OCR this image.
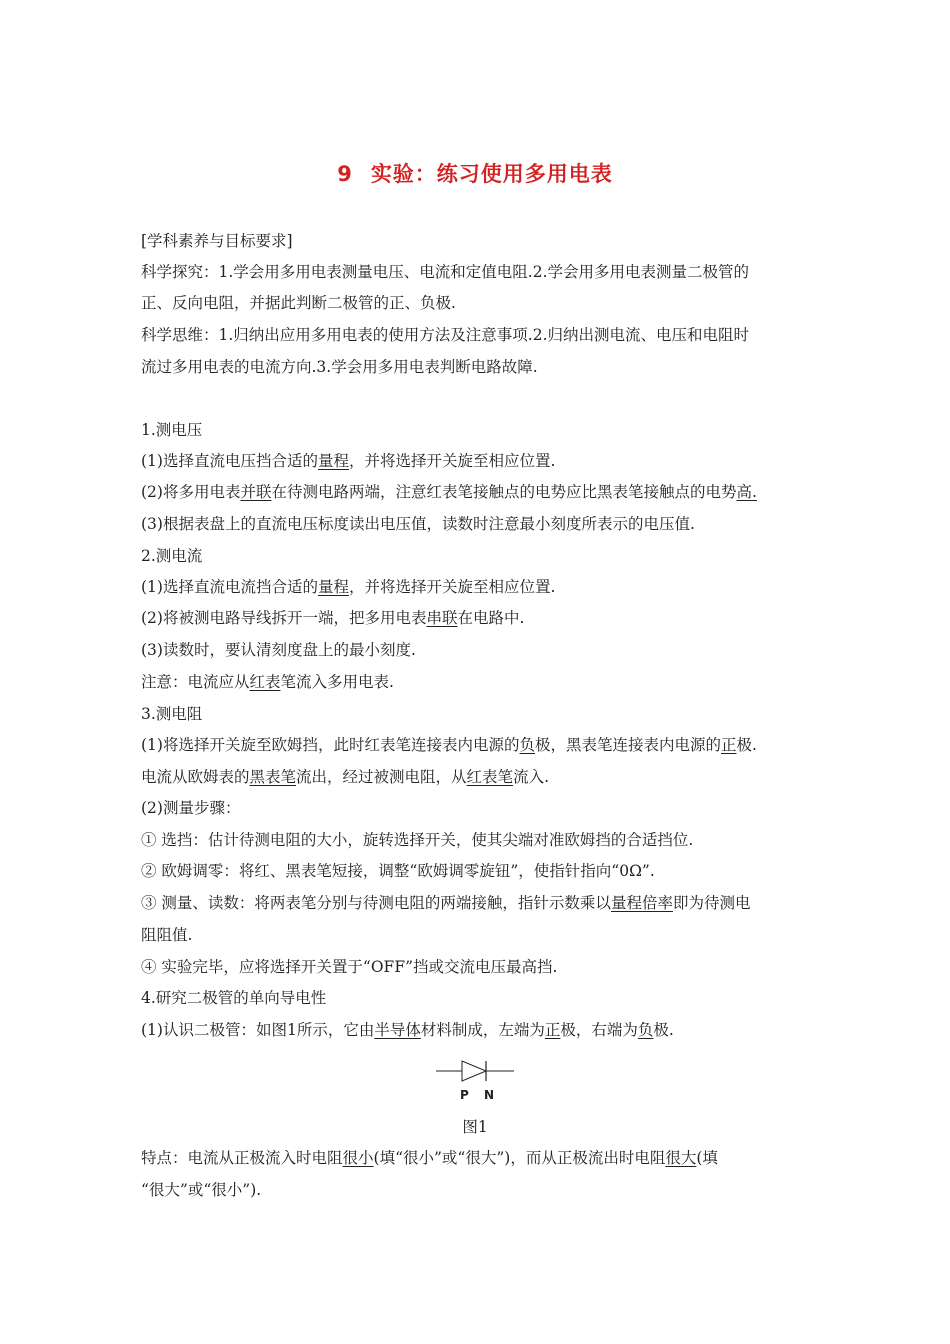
9 实验：练习使用多用电表
[学科素养与目标要求]
科学探究：1.学会用多用电表测量电压、电流和定值电阻.2.学会用多用电表测量二极管的
正、反向电阻，并据此判断二极管的正、负极.
科学思维：1.归纳出应用多用电表的使用方法及注意事项.2.归纳出测电流、电压和电阻时
流过多用电表的电流方向.3.学会用多用电表判断电路故障.
1.测电压
(1)选择直流电压挡合适的量程，并将选择开关旋至相应位置.
(2)将多用电表并联在待测电路两端，注意红表笔接触点的电势应比黑表笔接触点的电势高.
(3)根据表盘上的直流电压标度读出电压值，读数时注意最小刻度所表示的电压值.
2.测电流
(1)选择直流电流挡合适的量程，并将选择开关旋至相应位置.
(2)将被测电路导线拆开一端，把多用电表串联在电路中.
(3)读数时，要认清刻度盘上的最小刻度.
注意：电流应从红表笔流入多用电表.
3.测电阻
(1)将选择开关旋至欧姆挡，此时红表笔连接表内电源的负极，黑表笔连接表内电源的正极.
电流从欧姆表的黑表笔流出，经过被测电阻，从红表笔流入.
(2)测量步骤：
① 选挡：估计待测电阻的大小，旋转选择开关，使其尖端对准欧姆挡的合适挡位.
② 欧姆调零：将红、黑表笔短接，调整“欧姆调零旋钮”，使指针指向“0Ω”.
③ 测量、读数：将两表笔分别与待测电阻的两端接触，指针示数乘以量程倍率即为待测电
阻阻值.
④ 实验完毕，应将选择开关置于“OFF”挡或交流电压最高挡.
4.研究二极管的单向导电性
(1)认识二极管：如图1所示，它由半导体材料制成，左端为正极，右端为负极.
P N
图1
特点：电流从正极流入时电阻很小(填“很小”或“很大”)，而从正极流出时电阻很大(填
“很大”或“很小”).
